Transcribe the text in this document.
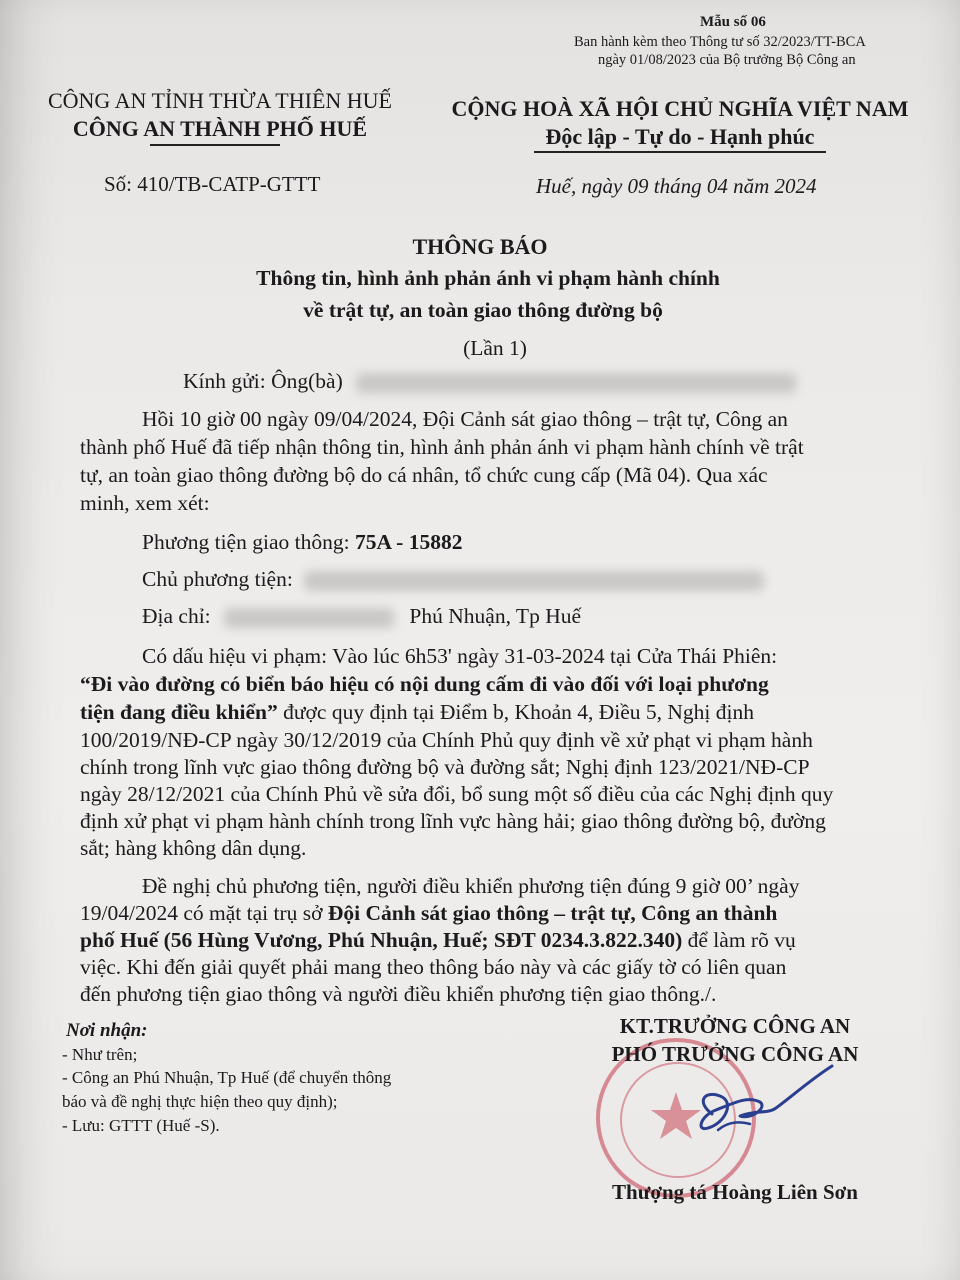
Mẫu số 06
Ban hành kèm theo Thông tư số 32/2023/TT-BCA
ngày 01/08/2023 của Bộ trưởng Bộ Công an
CÔNG AN TỈNH THỪA THIÊN HUẾ
CÔNG AN THÀNH PHỐ HUẾ
Số: 410/TB-CATP-GTTT
CỘNG HOÀ XÃ HỘI CHỦ NGHĨA VIỆT NAM
Độc lập - Tự do - Hạnh phúc
Huế, ngày 09 tháng 04 năm 2024
THÔNG BÁO
Thông tin, hình ảnh phản ánh vi phạm hành chính
về trật tự, an toàn giao thông đường bộ
(Lần 1)
Kính gửi: Ông(bà)
Hồi 10 giờ 00 ngày 09/04/2024, Đội Cảnh sát giao thông – trật tự, Công an
thành phố Huế đã tiếp nhận thông tin, hình ảnh phản ánh vi phạm hành chính về trật
tự, an toàn giao thông đường bộ do cá nhân, tổ chức cung cấp (Mã 04). Qua xác
minh, xem xét:
Phương tiện giao thông: 75A - 15882
Chủ phương tiện:
Địa chỉ:	Phú Nhuận, Tp Huế
Có dấu hiệu vi phạm: Vào lúc 6h53' ngày 31-03-2024 tại Cửa Thái Phiên:
“Đi vào đường có biển báo hiệu có nội dung cấm đi vào đối với loại phương
tiện đang điều khiển” được quy định tại Điểm b, Khoản 4, Điều 5, Nghị định
100/2019/NĐ-CP ngày 30/12/2019 của Chính Phủ quy định về xử phạt vi phạm hành
chính trong lĩnh vực giao thông đường bộ và đường sắt; Nghị định 123/2021/NĐ-CP
ngày 28/12/2021 của Chính Phủ về sửa đổi, bổ sung một số điều của các Nghị định quy
định xử phạt vi phạm hành chính trong lĩnh vực hàng hải; giao thông đường bộ, đường
sắt; hàng không dân dụng.
Đề nghị chủ phương tiện, người điều khiển phương tiện đúng 9 giờ 00’ ngày
19/04/2024 có mặt tại trụ sở Đội Cảnh sát giao thông – trật tự, Công an thành
phố Huế (56 Hùng Vương, Phú Nhuận, Huế; SĐT 0234.3.822.340) để làm rõ vụ
việc. Khi đến giải quyết phải mang theo thông báo này và các giấy tờ có liên quan
đến phương tiện giao thông và người điều khiển phương tiện giao thông./.
Nơi nhận:
- Như trên;
- Công an Phú Nhuận, Tp Huế (để chuyển thông
báo và đề nghị thực hiện theo quy định);
- Lưu: GTTT (Huế -S).
KT.TRƯỞNG CÔNG AN
PHÓ TRƯỞNG CÔNG AN
Thượng tá Hoàng Liên Sơn
